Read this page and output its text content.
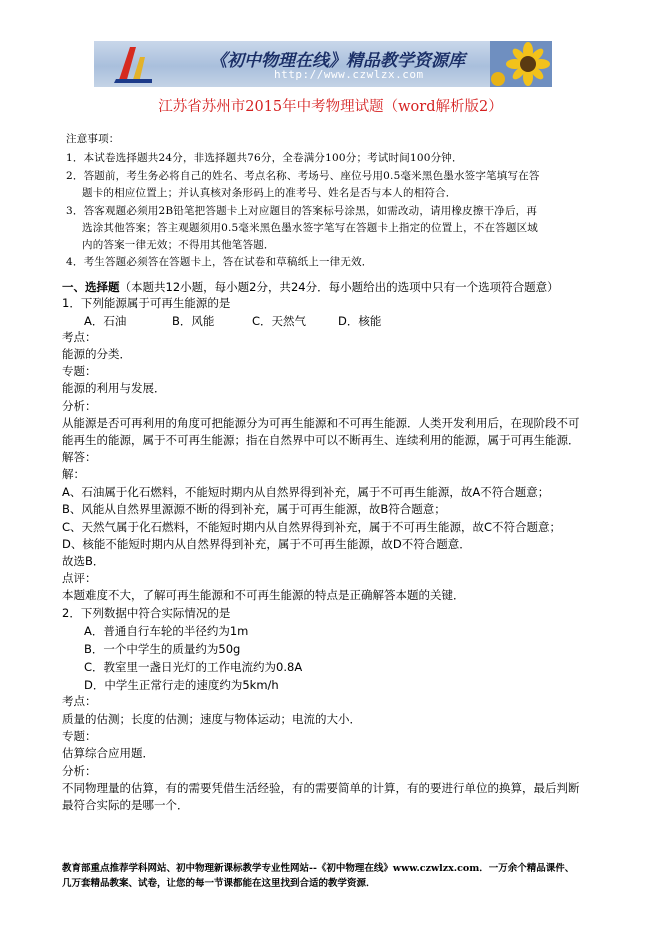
《初中物理在线》精品教学资源库
http://www.czwlzx.com
江苏省苏州市2015年中考物理试题（word解析版2）
注意事项：
1．本试卷选择题共24分，非选择题共76分，全卷满分100分；考试时间100分钟．
2．答题前，考生务必将自己的姓名、考点名称、考场号、座位号用0.5毫米黑色墨水签字笔填写在答
题卡的相应位置上；并认真核对条形码上的准考号、姓名是否与本人的相符合．
3．答客观题必须用2B铅笔把答题卡上对应题目的答案标号涂黑，如需改动，请用橡皮擦干净后，再
选涂其他答案；答主观题须用0.5毫米黑色墨水签字笔写在答题卡上指定的位置上，不在答题区域
内的答案一律无效；不得用其他笔答题．
4．考生答题必须答在答题卡上，答在试卷和草稿纸上一律无效．
一、选择题（本题共12小题，每小题2分，共24分．每小题给出的选项中只有一个选项符合题意）
1．下列能源属于可再生能源的是
A．石油	B．风能	C．天然气	D．核能
考点：
能源的分类．
专题：
能源的利用与发展．
分析：
从能源是否可再利用的角度可把能源分为可再生能源和不可再生能源．人类开发利用后，在现阶段不可
能再生的能源，属于不可再生能源；指在自然界中可以不断再生、连续利用的能源，属于可再生能源．
解答：
解：
A、石油属于化石燃料，不能短时期内从自然界得到补充，属于不可再生能源，故A不符合题意；
B、风能从自然界里源源不断的得到补充，属于可再生能源，故B符合题意；
C、天然气属于化石燃料，不能短时期内从自然界得到补充，属于不可再生能源，故C不符合题意；
D、核能不能短时期内从自然界得到补充，属于不可再生能源，故D不符合题意．
故选B．
点评：
本题难度不大，了解可再生能源和不可再生能源的特点是正确解答本题的关键．
2．下列数据中符合实际情况的是
A．普通自行车轮的半径约为1m
B．一个中学生的质量约为50g
C．教室里一盏日光灯的工作电流约为0.8A
D．中学生正常行走的速度约为5km/h
考点：
质量的估测；长度的估测；速度与物体运动；电流的大小．
专题：
估算综合应用题．
分析：
不同物理量的估算，有的需要凭借生活经验，有的需要简单的计算，有的要进行单位的换算，最后判断
最符合实际的是哪一个．
教育部重点推荐学科网站、初中物理新课标教学专业性网站--《初中物理在线》www.czwlzx.com．一万余个精品课件、
几万套精品教案、试卷，让您的每一节课都能在这里找到合适的教学资源．
